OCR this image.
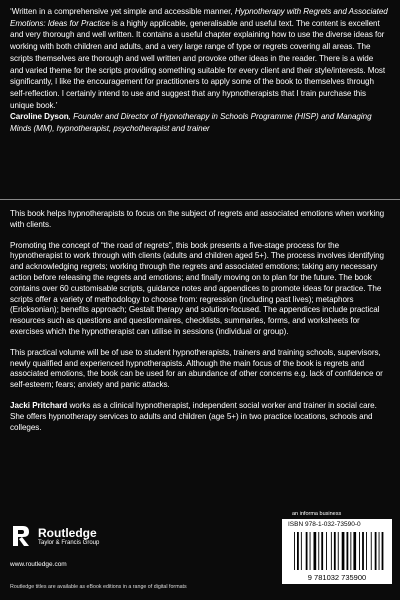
‘Written in a comprehensive yet simple and accessible manner, Hypnotherapy with Regrets and Associated Emotions: Ideas for Practice is a highly applicable, generalisable and useful text. The content is excellent and very thorough and well written. It contains a useful chapter explaining how to use the diverse ideas for working with both children and adults, and a very large range of type or regrets covering all areas. The scripts themselves are thorough and well written and provoke other ideas in the reader. There is a wide and varied theme for the scripts providing something suitable for every client and their style/interests. Most significantly, I like the encouragement for practitioners to apply some of the book to themselves through self-reflection. I certainly intend to use and suggest that any hypnotherapists that I train purchase this unique book.’

Caroline Dyson, Founder and Director of Hypnotherapy in Schools Programme (HISP) and Managing Minds (MM), hypnotherapist, psychotherapist and trainer

This book helps hypnotherapists to focus on the subject of regrets and associated emotions when working with clients.

Promoting the concept of “the road of regrets”, this book presents a five-stage process for the hypnotherapist to work through with clients (adults and children aged 5+). The process involves identifying and acknowledging regrets; working through the regrets and associated emotions; taking any necessary action before releasing the regrets and emotions; and finally moving on to plan for the future. The book contains over 60 customisable scripts, guidance notes and appendices to promote ideas for practice. The scripts offer a variety of methodology to choose from: regression (including past lives); metaphors (Ericksonian); benefits approach; Gestalt therapy and solution-focused. The appendices include practical resources such as questions and questionnaires, checklists, summaries, forms, and worksheets for exercises which the hypnotherapist can utilise in sessions (individual or group).

This practical volume will be of use to student hypnotherapists, trainers and training schools, supervisors, newly qualified and experienced hypnotherapists. Although the main focus of the book is regrets and associated emotions, the book can be used for an abundance of other concerns e.g. lack of confidence or self-esteem; fears; anxiety and panic attacks.

Jacki Pritchard works as a clinical hypnotherapist, independent social worker and trainer in social care. She offers hypnotherapy services to adults and children (age 5+) in two practice locations, schools and colleges.

Routledge
Taylor & Francis Group
www.routledge.com
Routledge titles are available as eBook editions in a range of digital formats
an informa business
ISBN 978-1-032-73590-0
9 781032 735900
